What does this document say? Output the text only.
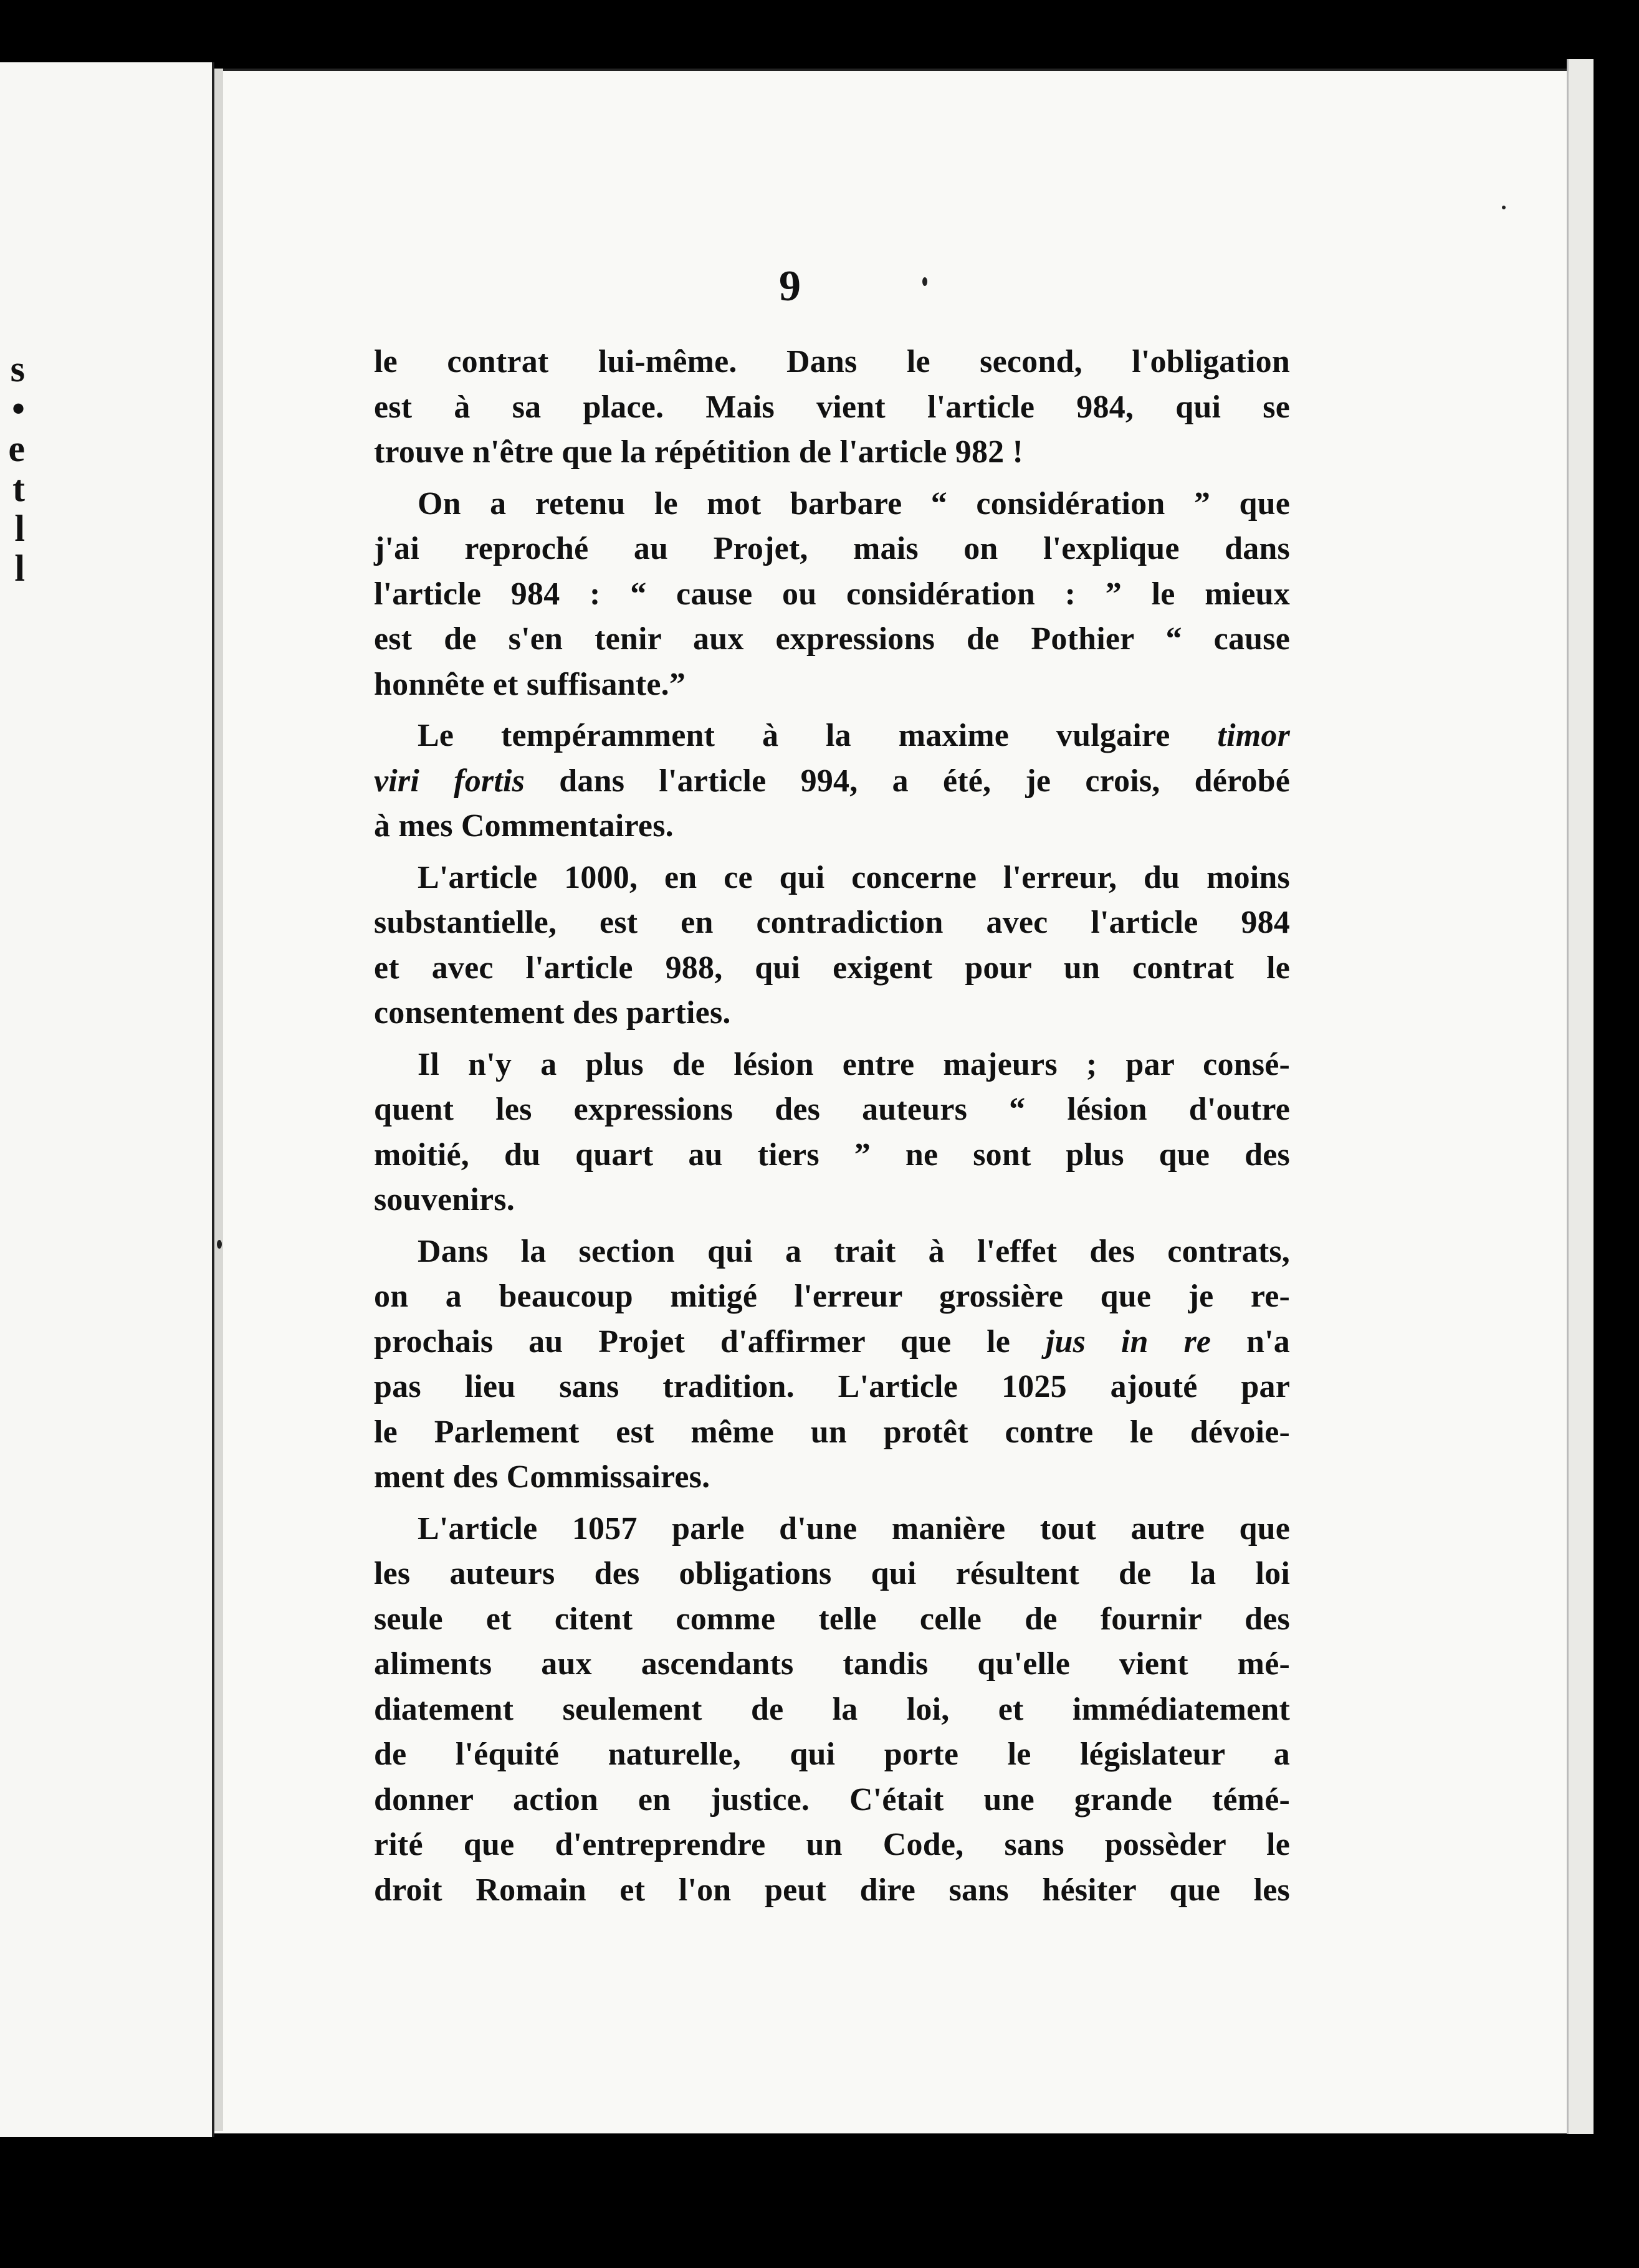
s
•
e
t
l
l
9
le contrat lui-même. Dans le second, l'obligation
est à sa place. Mais vient l'article 984, qui se
trouve n'être que la répétition de l'article 982 !
On a retenu le mot barbare “ considération ” que
j'ai reproché au Projet, mais on l'explique dans
l'article 984 : “ cause ou considération : ” le mieux
est de s'en tenir aux expressions de Pothier “ cause
honnête et suffisante.”
Le tempéramment à la maxime vulgaire timor
viri fortis dans l'article 994, a été, je crois, dérobé
à mes Commentaires.
L'article 1000, en ce qui concerne l'erreur, du moins
substantielle, est en contradiction avec l'article 984
et avec l'article 988, qui exigent pour un contrat le
consentement des parties.
Il n'y a plus de lésion entre majeurs ; par consé-
quent les expressions des auteurs “ lésion d'outre
moitié, du quart au tiers ” ne sont plus que des
souvenirs.
Dans la section qui a trait à l'effet des contrats,
on a beaucoup mitigé l'erreur grossière que je re-
prochais au Projet d'affirmer que le jus in re n'a
pas lieu sans tradition. L'article 1025 ajouté par
le Parlement est même un protêt contre le dévoie-
ment des Commissaires.
L'article 1057 parle d'une manière tout autre que
les auteurs des obligations qui résultent de la loi
seule et citent comme telle celle de fournir des
aliments aux ascendants tandis qu'elle vient mé-
diatement seulement de la loi, et immédiatement
de l'équité naturelle, qui porte le législateur a
donner action en justice. C'était une grande témé-
rité que d'entreprendre un Code, sans possèder le
droit Romain et l'on peut dire sans hésiter que les
